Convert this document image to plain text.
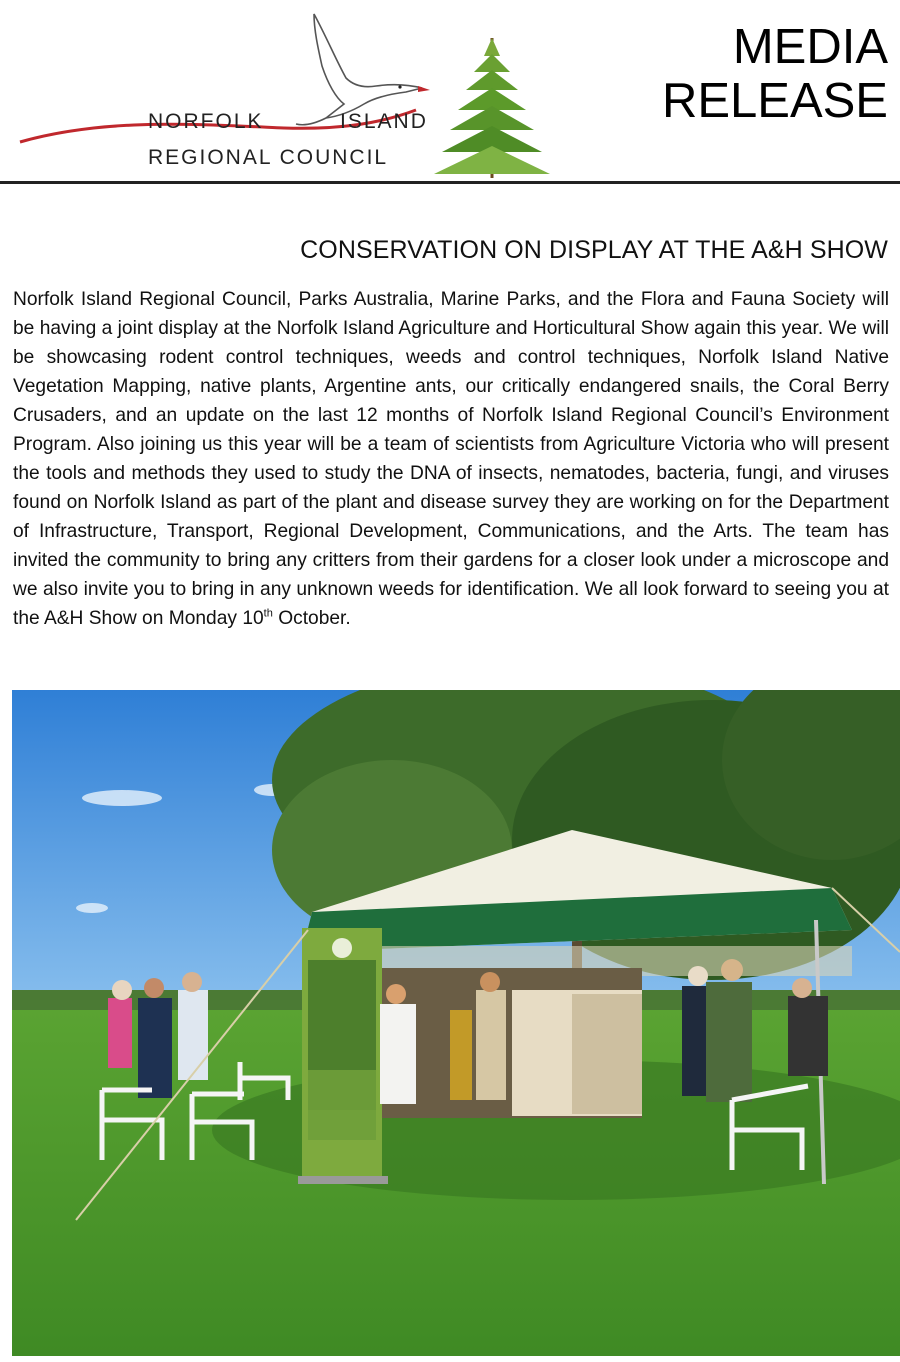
NORFOLK	ISLAND
REGIONAL COUNCIL
MEDIA
RELEASE
CONSERVATION ON DISPLAY AT THE A&H SHOW
Norfolk Island Regional Council, Parks Australia, Marine Parks, and the Flora and Fauna Society will be having a joint display at the Norfolk Island Agriculture and Horticultural Show again this year. We will be showcasing rodent control techniques, weeds and control techniques, Norfolk Island Native Vegetation Mapping, native plants, Argentine ants, our critically endangered snails, the Coral Berry Crusaders, and an update on the last 12 months of Norfolk Island Regional Council’s Environment Program. Also joining us this year will be a team of scientists from Agriculture Victoria who will present the tools and methods they used to study the DNA of insects, nematodes, bacteria, fungi, and viruses found on Norfolk Island as part of the plant and disease survey they are working on for the Department of Infrastructure, Transport, Regional Development, Communications, and the Arts. The team has invited the community to bring any critters from their gardens for a closer look under a microscope and we also invite you to bring in any unknown weeds for identification. We all look forward to seeing you at the A&H Show on Monday 10th October.
